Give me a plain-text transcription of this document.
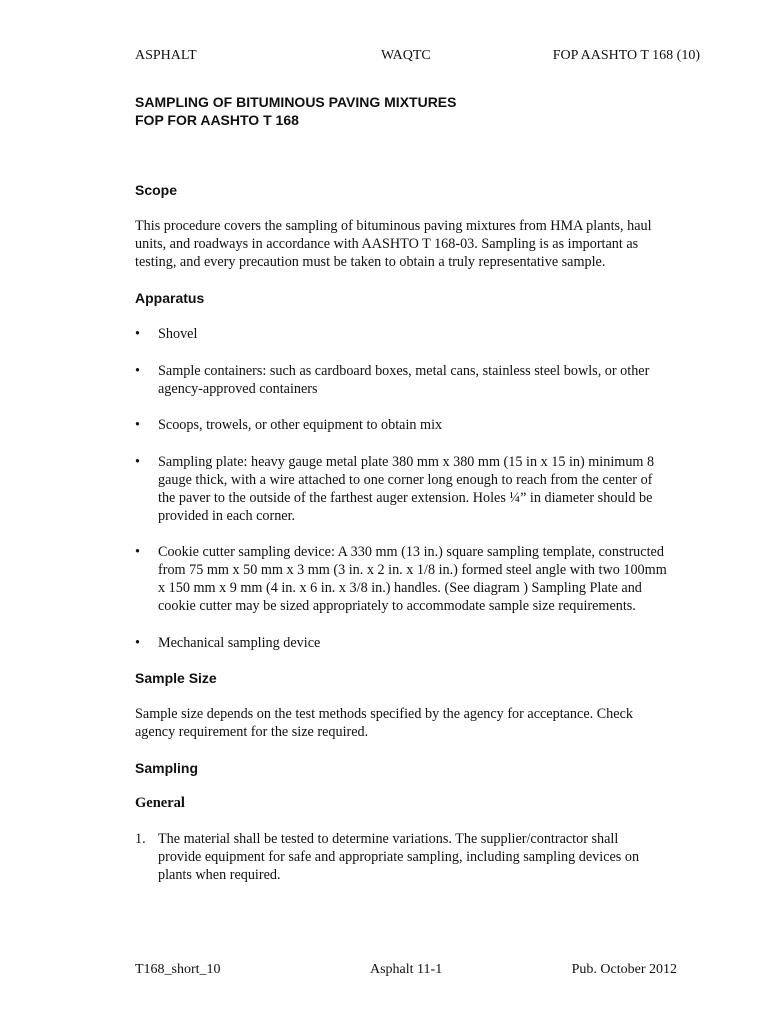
ASPHALT	WAQTC	FOP AASHTO T 168 (10)
SAMPLING OF BITUMINOUS PAVING MIXTURES
FOP FOR AASHTO T 168
Scope
This procedure covers the sampling of bituminous paving mixtures from HMA plants, haul
units, and roadways in accordance with AASHTO T 168-03. Sampling is as important as
testing, and every precaution must be taken to obtain a truly representative sample.
Apparatus
•	Shovel
•	Sample containers: such as cardboard boxes, metal cans, stainless steel bowls, or other
agency-approved containers
•	Scoops, trowels, or other equipment to obtain mix
•	Sampling plate: heavy gauge metal plate 380 mm x 380 mm (15 in x 15 in) minimum 8
gauge thick, with a wire attached to one corner long enough to reach from the center of
the paver to the outside of the farthest auger extension. Holes ¼” in diameter should be
provided in each corner.
•	Cookie cutter sampling device: A 330 mm (13 in.) square sampling template, constructed
from 75 mm x 50 mm x 3 mm (3 in. x 2 in. x 1/8 in.) formed steel angle with two 100mm
x 150 mm x 9 mm (4 in. x 6 in. x 3/8 in.) handles. (See diagram ) Sampling Plate and
cookie cutter may be sized appropriately to accommodate sample size requirements.
•	Mechanical sampling device
Sample Size
Sample size depends on the test methods specified by the agency for acceptance. Check
agency requirement for the size required.
Sampling
General
1. The material shall be tested to determine variations. The supplier/contractor shall
provide equipment for safe and appropriate sampling, including sampling devices on
plants when required.
T168_short_10	Asphalt 11-1	Pub. October 2012
